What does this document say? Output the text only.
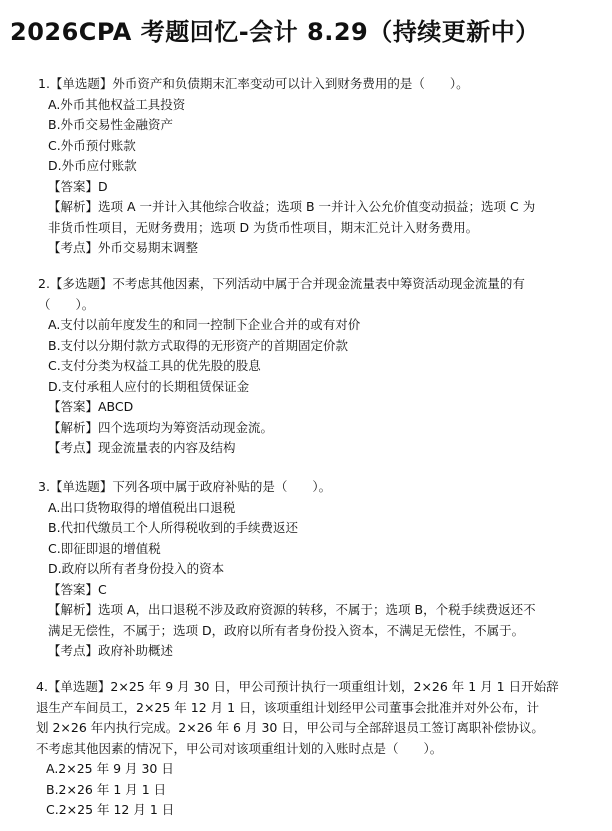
2026CPA 考题回忆-会计 8.29（持续更新中）
1.【单选题】外币资产和负债期末汇率变动可以计入到财务费用的是（　　）。
A.外币其他权益工具投资
B.外币交易性金融资产
C.外币预付账款
D.外币应付账款
【答案】D
【解析】选项 A 一并计入其他综合收益；选项 B 一并计入公允价值变动损益；选项 C 为
非货币性项目，无财务费用；选项 D 为货币性项目，期末汇兑计入财务费用。
【考点】外币交易期末调整
2.【多选题】不考虑其他因素，下列活动中属于合并现金流量表中筹资活动现金流量的有
（　　）。
A.支付以前年度发生的和同一控制下企业合并的或有对价
B.支付以分期付款方式取得的无形资产的首期固定价款
C.支付分类为权益工具的优先股的股息
D.支付承租人应付的长期租赁保证金
【答案】ABCD
【解析】四个选项均为筹资活动现金流。
【考点】现金流量表的内容及结构
3.【单选题】下列各项中属于政府补贴的是（　　）。
A.出口货物取得的增值税出口退税
B.代扣代缴员工个人所得税收到的手续费返还
C.即征即退的增值税
D.政府以所有者身份投入的资本
【答案】C
【解析】选项 A，出口退税不涉及政府资源的转移，不属于；选项 B，个税手续费返还不
满足无偿性，不属于；选项 D，政府以所有者身份投入资本，不满足无偿性，不属于。
【考点】政府补助概述
4.【单选题】2×25 年 9 月 30 日，甲公司预计执行一项重组计划，2×26 年 1 月 1 日开始辞
退生产车间员工，2×25 年 12 月 1 日，该项重组计划经甲公司董事会批准并对外公布，计
划 2×26 年内执行完成。2×26 年 6 月 30 日，甲公司与全部辞退员工签订离职补偿协议。
不考虑其他因素的情况下，甲公司对该项重组计划的入账时点是（　　）。
A.2×25 年 9 月 30 日
B.2×26 年 1 月 1 日
C.2×25 年 12 月 1 日
